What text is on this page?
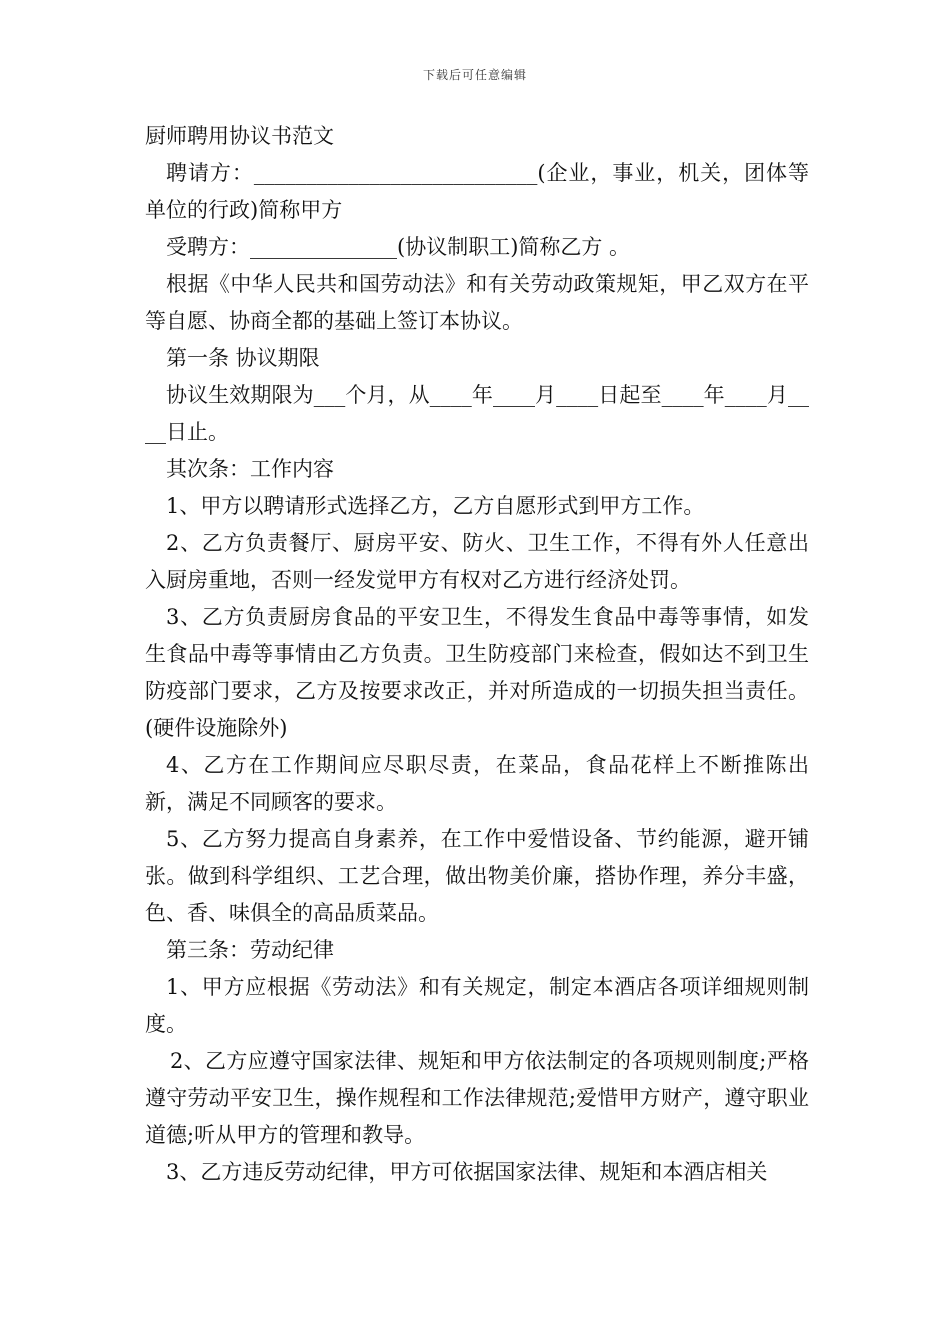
下载后可任意编辑

厨师聘用协议书范文

聘请方：___________________________(企业，事业，机关，团体等单位的行政)简称甲方

受聘方：______________(协议制职工)简称乙方 。

根据《中华人民共和国劳动法》和有关劳动政策规矩，甲乙双方在平等自愿、协商全都的基础上签订本协议。

第一条 协议期限

协议生效期限为___个月，从____年____月____日起至____年____月____日止。

其次条：工作内容

1、甲方以聘请形式选择乙方，乙方自愿形式到甲方工作。

2、乙方负责餐厅、厨房平安、防火、卫生工作，不得有外人任意出入厨房重地，否则一经发觉甲方有权对乙方进行经济处罚。

3、乙方负责厨房食品的平安卫生，不得发生食品中毒等事情，如发生食品中毒等事情由乙方负责。卫生防疫部门来检查，假如达不到卫生防疫部门要求，乙方及按要求改正，并对所造成的一切损失担当责任。(硬件设施除外)

4、乙方在工作期间应尽职尽责，在菜品，食品花样上不断推陈出新，满足不同顾客的要求。

5、乙方努力提高自身素养，在工作中爱惜设备、节约能源，避开铺张。做到科学组织、工艺合理，做出物美价廉，搭协作理，养分丰盛，色、香、味俱全的高品质菜品。

第三条：劳动纪律

1、甲方应根据《劳动法》和有关规定，制定本酒店各项详细规则制度。

2、乙方应遵守国家法律、规矩和甲方依法制定的各项规则制度;严格遵守劳动平安卫生，操作规程和工作法律规范;爱惜甲方财产，遵守职业道德;听从甲方的管理和教导。

3、乙方违反劳动纪律，甲方可依据国家法律、规矩和本酒店相关
